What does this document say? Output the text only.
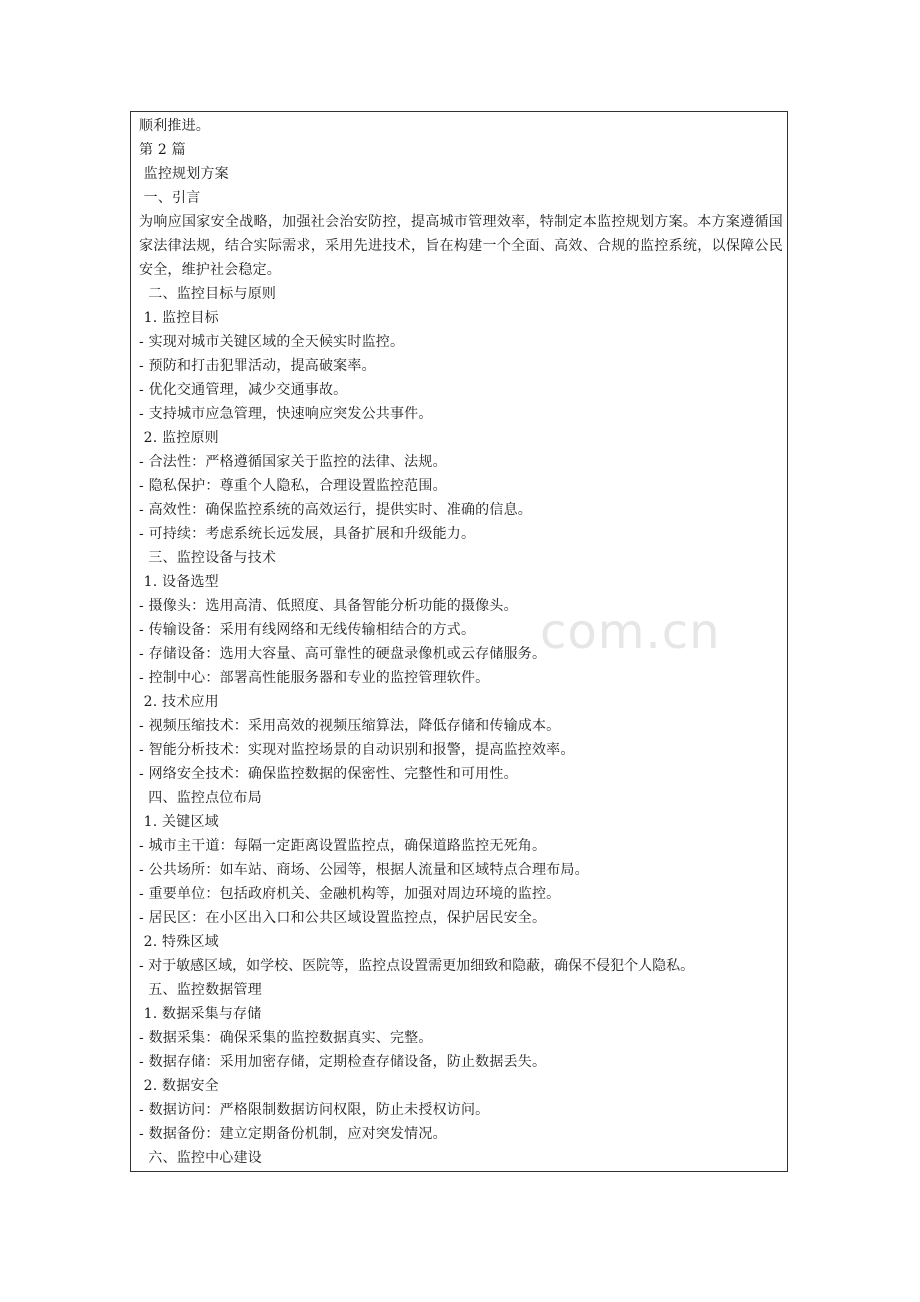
com.cn
顺利推进。
第 2 篇
监控规划方案
一、引言
为响应国家安全战略，加强社会治安防控，提高城市管理效率，特制定本监控规划方案。本方案遵循国家法律法规，结合实际需求，采用先进技术，旨在构建一个全面、高效、合规的监控系统，以保障公民安全，维护社会稳定。
二、监控目标与原则
1. 监控目标
- 实现对城市关键区域的全天候实时监控。
- 预防和打击犯罪活动，提高破案率。
- 优化交通管理，减少交通事故。
- 支持城市应急管理，快速响应突发公共事件。
2. 监控原则
- 合法性：严格遵循国家关于监控的法律、法规。
- 隐私保护：尊重个人隐私，合理设置监控范围。
- 高效性：确保监控系统的高效运行，提供实时、准确的信息。
- 可持续：考虑系统长远发展，具备扩展和升级能力。
三、监控设备与技术
1. 设备选型
- 摄像头：选用高清、低照度、具备智能分析功能的摄像头。
- 传输设备：采用有线网络和无线传输相结合的方式。
- 存储设备：选用大容量、高可靠性的硬盘录像机或云存储服务。
- 控制中心：部署高性能服务器和专业的监控管理软件。
2. 技术应用
- 视频压缩技术：采用高效的视频压缩算法，降低存储和传输成本。
- 智能分析技术：实现对监控场景的自动识别和报警，提高监控效率。
- 网络安全技术：确保监控数据的保密性、完整性和可用性。
四、监控点位布局
1. 关键区域
- 城市主干道：每隔一定距离设置监控点，确保道路监控无死角。
- 公共场所：如车站、商场、公园等，根据人流量和区域特点合理布局。
- 重要单位：包括政府机关、金融机构等，加强对周边环境的监控。
- 居民区：在小区出入口和公共区域设置监控点，保护居民安全。
2. 特殊区域
- 对于敏感区域，如学校、医院等，监控点设置需更加细致和隐蔽，确保不侵犯个人隐私。
五、监控数据管理
1. 数据采集与存储
- 数据采集：确保采集的监控数据真实、完整。
- 数据存储：采用加密存储，定期检查存储设备，防止数据丢失。
2. 数据安全
- 数据访问：严格限制数据访问权限，防止未授权访问。
- 数据备份：建立定期备份机制，应对突发情况。
六、监控中心建设
